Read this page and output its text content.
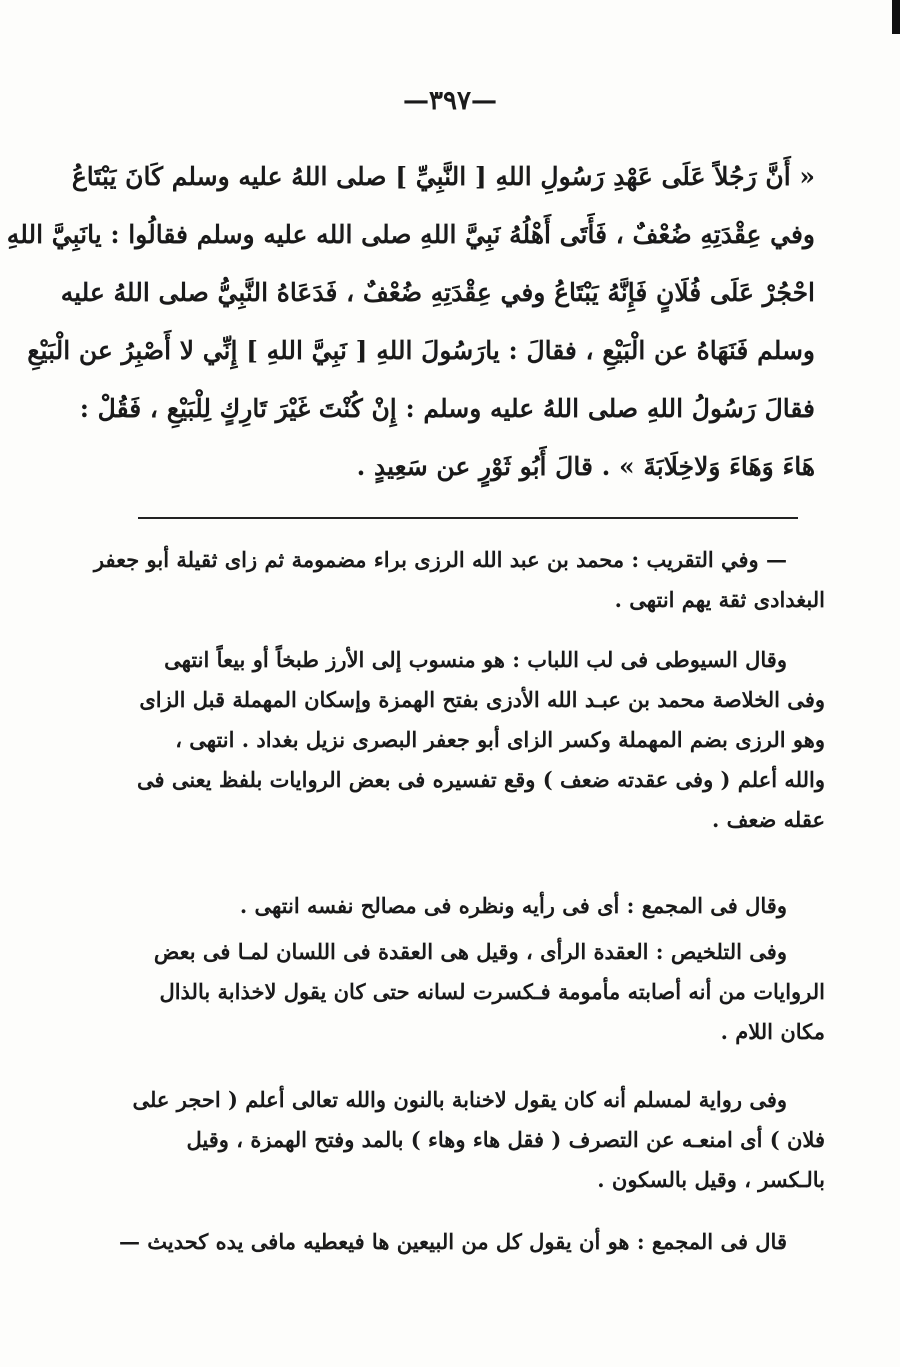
—٣٩٧—
« أَنَّ رَجُلاً عَلَى عَهْدِ رَسُولِ اللهِ [ النَّبِيِّ ] صلى اللهُ عليه وسلم كَانَ يَبْتَاعُ
وفي عِقْدَتِهِ ضُعْفٌ ، فَأَتَى أَهْلُهُ نَبِيَّ اللهِ صلى الله عليه وسلم فقالُوا : يانَبِيَّ اللهِ
احْجُرْ عَلَى فُلَانٍ فَإِنَّهُ يَبْتَاعُ وفي عِقْدَتِهِ ضُعْفٌ ، فَدَعَاهُ النَّبِيُّ صلى اللهُ عليه
وسلم فَنَهَاهُ عن الْبَيْعِ ، فقالَ : يارَسُولَ اللهِ [ نَبِيَّ اللهِ ] إِنِّي لا أَصْبِرُ عن الْبَيْعِ
فقالَ رَسُولُ اللهِ صلى اللهُ عليه وسلم : إِنْ كُنْتَ غَيْرَ تَارِكٍ لِلْبَيْعِ ، فَقُلْ :
هَاءَ وَهَاءَ وَلاخِلَابَةَ » . قالَ أَبُو ثَوْرٍ عن سَعِيدٍ .
— وفي التقريب : محمد بن عبد الله الرزى براء مضمومة ثم زاى ثقيلة أبو جعفر
البغدادى ثقة يهم انتهى .
وقال السيوطى فى لب اللباب : هو منسوب إلى الأرز طبخاً أو بيعاً انتهى
وفى الخلاصة محمد بن عبـد الله الأدزى بفتح الهمزة وإسكان المهملة قبل الزاى
وهو الرزى بضم المهملة وكسر الزاى أبو جعفر البصرى نزيل بغداد . انتهى ،
والله أعلم ( وفى عقدته ضعف ) وقع تفسيره فى بعض الروايات بلفظ يعنى فى
عقله ضعف .
وقال فى المجمع : أى فى رأيه ونظره فى مصالح نفسه انتهى .
وفى التلخيص : العقدة الرأى ، وقيل هى العقدة فى اللسان لمـا فى بعض
الروايات من أنه أصابته مأمومة فـكسرت لسانه حتى كان يقول لاخذابة بالذال
مكان اللام .
وفى رواية لمسلم أنه كان يقول لاخنابة بالنون والله تعالى أعلم ( احجر على
فلان ) أى امنعـه عن التصرف ( فقل هاء وهاء ) بالمد وفتح الهمزة ، وقيل
بالـكسر ، وقيل بالسكون .
قال فى المجمع : هو أن يقول كل من البيعين ها فيعطيه مافى يده كحديث —
